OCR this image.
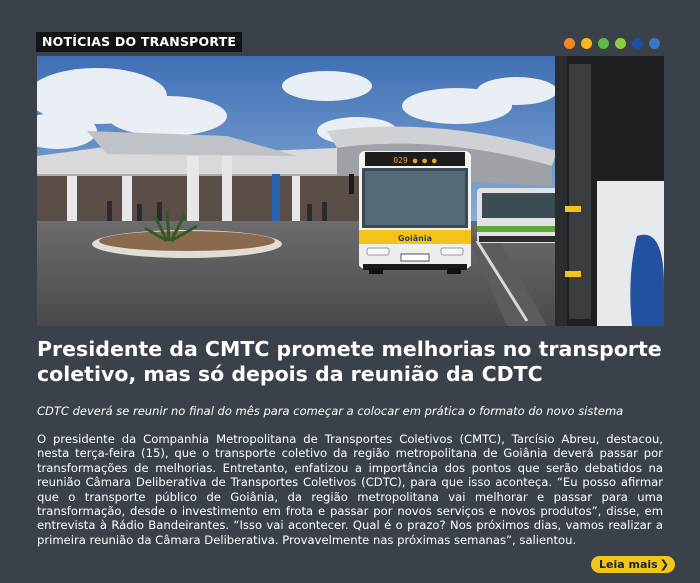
NOTÍCIAS DO TRANSPORTE
029 ● ● ●
Goiânia
Presidente da CMTC promete melhorias no transporte coletivo, mas só depois da reunião da CDTC

CDTC deverá se reunir no final do mês para começar a colocar em prática o formato do novo sistema

O presidente da Companhia Metropolitana de Transportes Coletivos (CMTC), Tarcísio Abreu, destacou, nesta terça-feira (15), que o transporte coletivo da região metropolitana de Goiânia deverá passar por transformações de melhorias. Entretanto, enfatizou a importância dos pontos que serão debatidos na reunião Câmara Deliberativa de Transportes Coletivos (CDTC), para que isso aconteça. “Eu posso afirmar que o transporte público de Goiânia, da região metropolitana vai melhorar e passar para uma transformação, desde o investimento em frota e passar por novos serviços e novos produtos”, disse, em entrevista à Rádio Bandeirantes. “Isso vai acontecer. Qual é o prazo? Nos próximos dias, vamos realizar a primeira reunião da Câmara Deliberativa. Provavelmente nas próximas semanas”, salientou.

Leia mais ❯
